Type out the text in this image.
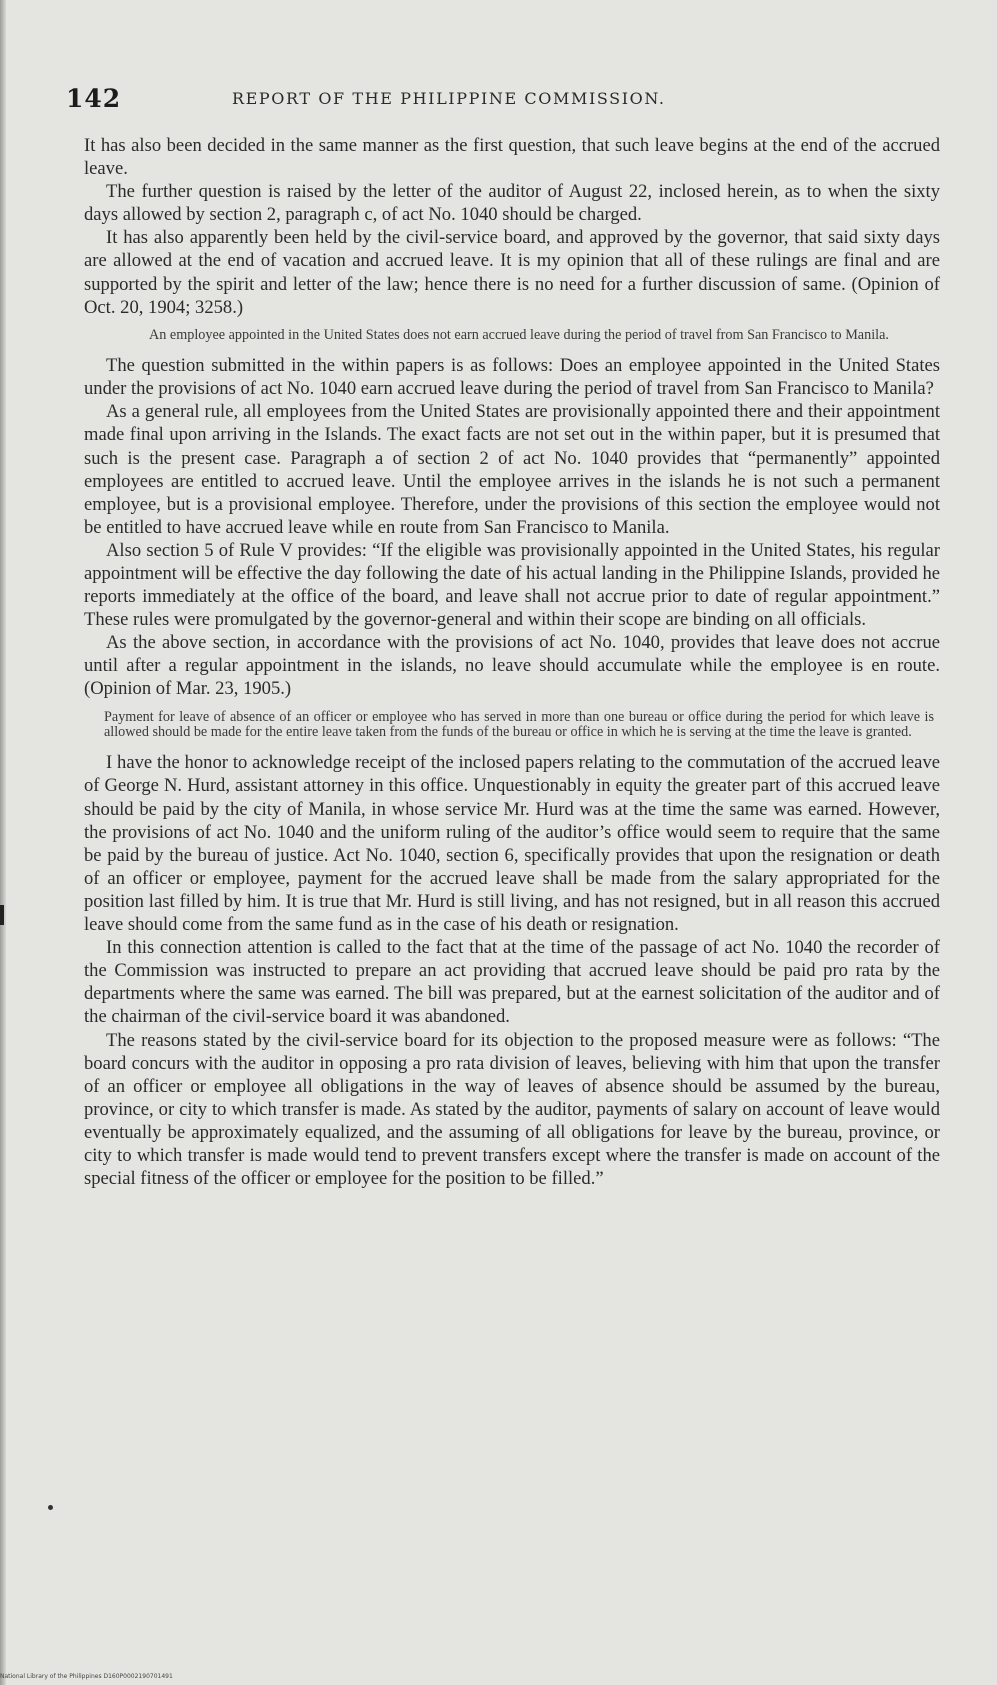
142	REPORT OF THE PHILIPPINE COMMISSION.

It has also been decided in the same manner as the first question, that such leave begins at the end of the accrued leave.

The further question is raised by the letter of the auditor of August 22, inclosed herein, as to when the sixty days allowed by section 2, paragraph c, of act No. 1040 should be charged.

It has also apparently been held by the civil-service board, and approved by the governor, that said sixty days are allowed at the end of vacation and accrued leave. It is my opinion that all of these rulings are final and are supported by the spirit and letter of the law; hence there is no need for a further discussion of same. (Opinion of Oct. 20, 1904; 3258.)

An employee appointed in the United States does not earn accrued leave during the period of travel from San Francisco to Manila.

The question submitted in the within papers is as follows: Does an employee appointed in the United States under the provisions of act No. 1040 earn accrued leave during the period of travel from San Francisco to Manila?

As a general rule, all employees from the United States are provisionally appointed there and their appointment made final upon arriving in the Islands. The exact facts are not set out in the within paper, but it is presumed that such is the present case. Paragraph a of section 2 of act No. 1040 provides that “permanently” appointed employees are entitled to accrued leave. Until the employee arrives in the islands he is not such a permanent employee, but is a provisional employee. Therefore, under the provisions of this section the employee would not be entitled to have accrued leave while en route from San Francisco to Manila.

Also section 5 of Rule V provides: “If the eligible was provisionally appointed in the United States, his regular appointment will be effective the day following the date of his actual landing in the Philippine Islands, provided he reports immediately at the office of the board, and leave shall not accrue prior to date of regular appointment.” These rules were promulgated by the governor-general and within their scope are binding on all officials.

As the above section, in accordance with the provisions of act No. 1040, provides that leave does not accrue until after a regular appointment in the islands, no leave should accumulate while the employee is en route. (Opinion of Mar. 23, 1905.)

Payment for leave of absence of an officer or employee who has served in more than one bureau or office during the period for which leave is allowed should be made for the entire leave taken from the funds of the bureau or office in which he is serving at the time the leave is granted.

I have the honor to acknowledge receipt of the inclosed papers relating to the commutation of the accrued leave of George N. Hurd, assistant attorney in this office. Unquestionably in equity the greater part of this accrued leave should be paid by the city of Manila, in whose service Mr. Hurd was at the time the same was earned. However, the provisions of act No. 1040 and the uniform ruling of the auditor’s office would seem to require that the same be paid by the bureau of justice. Act No. 1040, section 6, specifically provides that upon the resignation or death of an officer or employee, payment for the accrued leave shall be made from the salary appropriated for the position last filled by him. It is true that Mr. Hurd is still living, and has not resigned, but in all reason this accrued leave should come from the same fund as in the case of his death or resignation.

In this connection attention is called to the fact that at the time of the passage of act No. 1040 the recorder of the Commission was instructed to prepare an act providing that accrued leave should be paid pro rata by the departments where the same was earned. The bill was prepared, but at the earnest solicitation of the auditor and of the chairman of the civil-service board it was abandoned.

The reasons stated by the civil-service board for its objection to the proposed measure were as follows: “The board concurs with the auditor in opposing a pro rata division of leaves, believing with him that upon the transfer of an officer or employee all obligations in the way of leaves of absence should be assumed by the bureau, province, or city to which transfer is made. As stated by the auditor, payments of salary on account of leave would eventually be approximately equalized, and the assuming of all obligations for leave by the bureau, province, or city to which transfer is made would tend to prevent transfers except where the transfer is made on account of the special fitness of the officer or employee for the position to be filled.”

National Library of the Philippines D160P0002190701491
